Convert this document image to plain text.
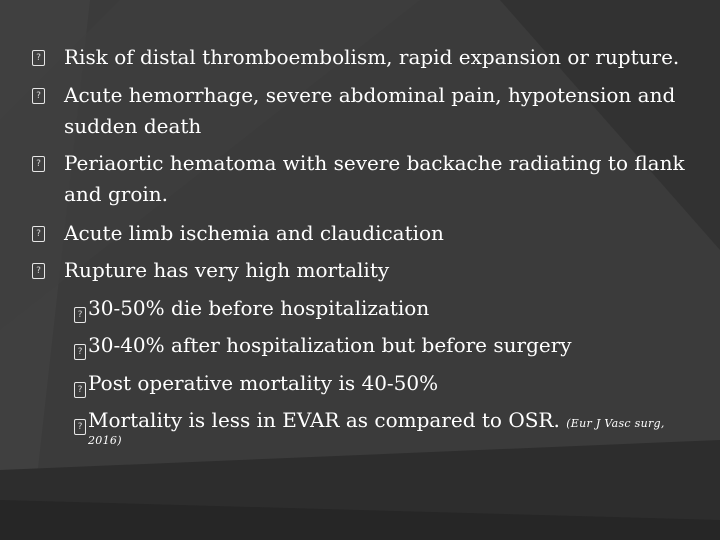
? Risk of distal thromboembolism, rapid expansion or rupture.
? Acute hemorrhage, severe abdominal pain, hypotension and sudden death
? Periaortic hematoma with severe backache radiating to flank and groin.
? Acute limb ischemia and claudication
? Rupture has very high mortality
? 30-50% die before hospitalization
? 30-40% after hospitalization but before surgery
? Post operative mortality is 40-50%
? Mortality is less in EVAR as compared to OSR. (Eur J Vasc surg,
2016)
